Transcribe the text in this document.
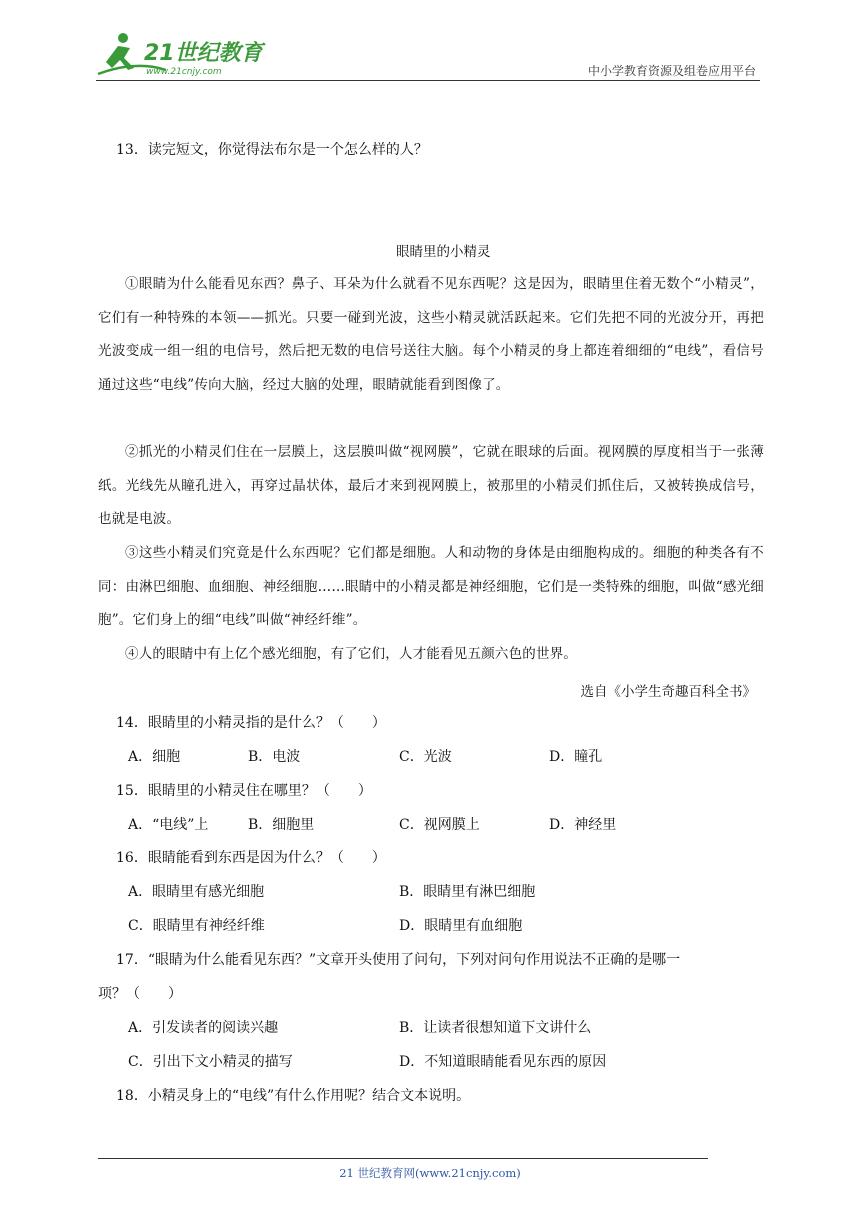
21世纪教育
www.21cnjy.com	中小学教育资源及组卷应用平台
13．读完短文，你觉得法布尔是一个怎么样的人？
眼睛里的小精灵
①眼睛为什么能看见东西？鼻子、耳朵为什么就看不见东西呢？这是因为，眼睛里住着无数个“小精灵”，它们有一种特殊的本领——抓光。只要一碰到光波，这些小精灵就活跃起来。它们先把不同的光波分开，再把光波变成一组一组的电信号，然后把无数的电信号送往大脑。每个小精灵的身上都连着细细的“电线”，看信号通过这些“电线”传向大脑，经过大脑的处理，眼睛就能看到图像了。
②抓光的小精灵们住在一层膜上，这层膜叫做“视网膜”，它就在眼球的后面。视网膜的厚度相当于一张薄纸。光线先从瞳孔进入，再穿过晶状体，最后才来到视网膜上，被那里的小精灵们抓住后，又被转换成信号，也就是电波。
③这些小精灵们究竟是什么东西呢？它们都是细胞。人和动物的身体是由细胞构成的。细胞的种类各有不同：由淋巴细胞、血细胞、神经细胞……眼睛中的小精灵都是神经细胞，它们是一类特殊的细胞，叫做“感光细胞”。它们身上的细“电线”叫做“神经纤维”。
④人的眼睛中有上亿个感光细胞，有了它们，人才能看见五颜六色的世界。
选自《小学生奇趣百科全书》
14．眼睛里的小精灵指的是什么？（　　）
A．细胞	B．电波	C．光波	D．瞳孔
15．眼睛里的小精灵住在哪里？（　　）
A．“电线”上	B．细胞里	C．视网膜上	D．神经里
16．眼睛能看到东西是因为什么？（　　）
A．眼睛里有感光细胞	B．眼睛里有淋巴细胞
C．眼睛里有神经纤维	D．眼睛里有血细胞
17．“眼睛为什么能看见东西？”文章开头使用了问句，下列对问句作用说法不正确的是哪一
项？（　　）
A．引发读者的阅读兴趣	B．让读者很想知道下文讲什么
C．引出下文小精灵的描写	D．不知道眼睛能看见东西的原因
18．小精灵身上的“电线”有什么作用呢？结合文本说明。
21 世纪教育网(www.21cnjy.com)
